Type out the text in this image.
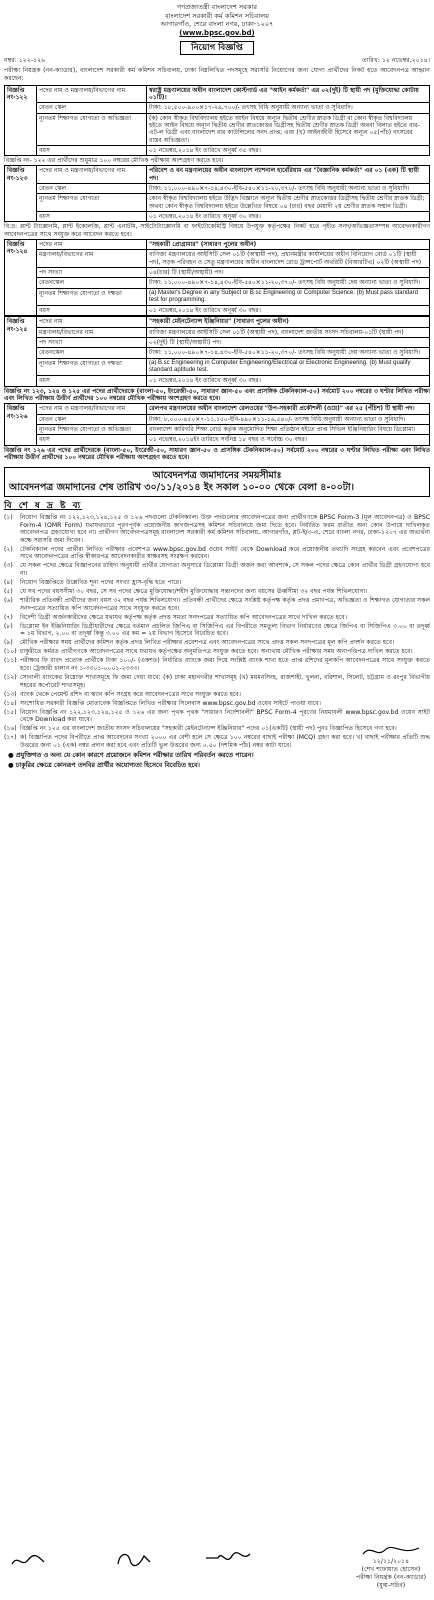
গণপ্রজাতন্ত্রী বাংলাদেশ সরকার
বাংলাদেশ সরকারী কর্ম কমিশন সচিবালয়
আগারগাঁও, শেরে বাংলা নগর, ঢাকা-১২০৭
(www.bpsc.gov.bd)
নিয়োগ বিজ্ঞপ্তি
নম্বর: ১২২-১২৬	তারিখ: ১২ নভেম্বর,২০১৪।
পরীক্ষা নিয়ন্ত্রক (নন-ক্যাডার), বাংলাদেশ সরকারী কর্ম কমিশন সচিবালয়, ঢাকা নিম্নলিখিত পদসমূহে সরাসরি নিয়োগের জন্য যোগ্য প্রার্থীদের নিকট হতে আবেদনপত্র আহ্বান করছেন:
বিজ্ঞপ্তি নং-১২২	পদের নাম ও মন্ত্রণালয়/বিভাগের নাম	স্বরাষ্ট্র মন্ত্রণালয়ের অধীন বাংলাদেশ কোস্টগার্ড এর "আইন কর্মকর্তা" এর ০২(দুই) টি স্থায়ী পদ (মুক্তিযোদ্ধা কোটায় ০১টি)।
	বেতন স্কেল	টাকা: ১৮,৫০০-৯০০×১৭-২৯,৭০০/- তৎসহ বিধি অনুযায়ী অন্যান্য ভাতা ও সুবিধাদি।
	ন্যূনতম শিক্ষাগত যোগ্যতা ও অভিজ্ঞতা	(ক) কোন স্বীকৃত বিশ্ববিদ্যালয় হইতে আইন বিষয়ে অন্যূন দ্বিতীয় শ্রেণীর স্নাতক ডিগ্রী বা কোন স্বীকৃত বিশ্ববিদ্যালয় হইতে আইন বিষয়ে অন্যূন দ্বিতীয় শ্রেণীর স্নাতকোত্তর ডিগ্রীসহ দ্বিতীয় শ্রেণীর স্নাতক ডিগ্রী অথবা বিলাত হইতে বার-এট-ল ডিগ্রী এবং বাংলাদেশ বার কাউন্সিলের সনদ প্রাপ্ত; এবং (খ) আইনজীবী হিসেবে অন্যূন ০৫(পাঁচ) বৎসরের বাস্তব অভিজ্ঞতা।
	বয়স	০১ নভেম্বর,২০১৪ ইং তারিখে অনূর্ধ্ব ৩৫ বছর।
বিজ্ঞপ্তি নং- ১২২ এর প্রার্থীদের শুধুমাত্র ১০০ নম্বরের মৌখিক পরীক্ষায় অংশগ্রহণ করতে হবে।
বিজ্ঞপ্তি নং-১২৩	পদের নাম ও মন্ত্রণালয়/বিভাগের নাম	পরিবেশ ও বন মন্ত্রণালয়ের অধীন বাংলাদেশ ন্যাশনাল হার্বেরিয়াম এর "বৈজ্ঞানিক কর্মকর্তা" এর ০১ (এক) টি স্থায়ী পদ।
	বেতন স্কেল	টাকা: ১১,০০০-৪৯০×৭-১৪,৪৩০-ইবি-৫৪০×১১-২০,৩৭০/- তৎসহ বিধি অনুযায়ী অন্যান্য ভাতা ও সুবিধাদি।
	ন্যূনতম শিক্ষাগত যোগ্যতা	কোন স্বীকৃত বিশ্ববিদ্যালয় হইতে উদ্ভিদ বিজ্ঞানে অন্যূন দ্বিতীয় শ্রেণীর স্নাতকোত্তর ডিগ্রীসহ দ্বিতীয় শ্রেণীর স্নাতক ডিগ্রী; অথবা কোন স্বীকৃত বিশ্ববিদ্যালয় হইতে উল্লেখিত বিষয়ে ০৪ (চার) বছর মেয়াদী ২য় শ্রেণীর স্নাতক সম্মান ডিগ্রী।
	বয়স	০১ নভেম্বর,২০১৪ ইং তারিখে অনূর্ধ্ব ৩০ বছর।
বি:দ্র: প্লান্ট ট্যাক্সোনমি, প্লান্ট ইকোলজি, প্লান্ট এনাটমি, সাইটোট্যাক্সোনমি বা ফাইটোকেমিস্ট্রি বিষয়ে উপযুক্ত কর্তৃপক্ষের নিকট হতে গৃহীত সনদ/অভিজ্ঞতাসম্পন্ন আবেদনকারীগণ আবেদনপত্রের সাথে সংযুক্ত করে আবেদন করতে হবে।
বিজ্ঞপ্তি নং-১২৪	পদের নাম	"সহকারী প্রোগ্রামার" (সাধারণ পুলের অধীন)
	মন্ত্রণালয়/বিভাগের নাম	বাণিজ্য মন্ত্রণালয়ের আইসিটি সেল ০১টি (অস্থায়ী পদ), প্রধানমন্ত্রীর কার্যালয়ের অধীন বিনিয়োগ বোর্ড ০১টি (স্থায়ী পদ), সড়ক পরিবহন ও সেতু মন্ত্রণালয়ের অধীন বাংলাদেশ রোড ট্রান্সপোর্ট অথরিটি (বিআরটিএ) ০২টি (অস্থায়ী পদ)
	পদ সংখ্যা	০৪(চার) টি (স্থায়ী/অস্থায়ী) পদ।
	বেতনস্কেল	টাকা: ১১,০০০-৪৯০×৭-১৪,৪৩০-ইবি-৫৪০×১১-২০,৩৭০/- তৎসহ বিধি অনুযায়ী দেয় অন্যান্য ভাতা ও সুবিধাদি।
	ন্যূনতম শিক্ষাগত যোগ্যতা ও দক্ষতা	(a) Master's Degree in any Subject or B.sc Engineering or Computer Science. (b) Must pass standard test for programming.
	বয়স	০১ নভেম্বর,২০১৪ ইং তারিখে অনূর্ধ্ব ৩০ বছর।
বিজ্ঞপ্তি নং-১২৫	পদের নাম	"সহকারী মেইনটেন্যান্স ইঞ্জিনিয়ার" (সাধারণ পুলের অধীন)
	মন্ত্রণালয়/বিভাগের নাম	বাণিজ্য মন্ত্রণালয়ের আইসিটি সেল ০১টি (অস্থায়ী পদ), বাংলাদেশ জাতীয় সংসদ সচিবালয়-০১টি (স্থায়ী পদ)
	পদ সংখ্যা	০২(দুই) টি (স্থায়ী/অস্থায়ী) পদ।
	বেতনস্কেল	টাকা: ১১,০০০-৪৯০×৭-১৪,৪৩০-ইবি-৫৪০×১১-২০,৩৭০/- তৎসহ বিধি অনুযায়ী দেয় অন্যান্য ভাতা ও সুবিধাদি।
	ন্যূনতম শিক্ষাগত যোগ্যতা ও দক্ষতা	(a) B.sc Engineering in Computer Engineering/Electrical or Electronic Engineering. (b) Must qualify standard aptitude test.
	বয়স	০১ নভেম্বর,২০১৪ ইং তারিখে অনূর্ধ্ব ৩০ বছর।
বিজ্ঞপ্তি নং ১২৩, ১২৪ ও ১২৫ এর পদের প্রার্থীদেরকে (বাংলা-৫০, ইংরেজী-৫০, সাধারণ জ্ঞান-৫০ এবং প্রাসঙ্গিক টেকনিক্যাল-৫০) সর্বমোট ২০০ নম্বরের ৩ ঘণ্টার লিখিত পরীক্ষা এবং লিখিত পরীক্ষায় উত্তীর্ণ প্রার্থীদের ১০০ নম্বরের মৌখিক পরীক্ষায় অংশগ্রহণ করতে হবে।
বিজ্ঞপ্তি নং-১২৬	পদের নাম ও মন্ত্রণালয়/বিভাগের নাম	রেলপথ মন্ত্রণালয়ের অধীন বাংলাদেশ রেলওয়ের "উপ-সহকারী প্রকৌশলী (ওয়ে)" এর ২৫ (পঁচিশ) টি স্থায়ী পদ।
	বেতন স্কেল	টাকা: ৮,০০০-৪৫০×৭-১১,১৫০-ইবি-৪৯০×১১-১৬,৫৪০/- তৎসহ বিধি অনুযায়ী অন্যান্য ভাতা ও সুবিধাদি।
	ন্যূনতম শিক্ষাগত যোগ্যতা ও অভিজ্ঞতা	বাংলাদেশ কারিগরি শিক্ষা বোর্ড কর্তৃক অনুমোদিত শিক্ষা প্রতিষ্ঠান হইতে প্রাপ্ত সিভিল ইঞ্জিনিয়ারিং বিষয়ে ডিপ্লোমা।
	বয়স	০১ নভেম্বর,২০১৪ইং তারিখে সর্বনিম্ন ১৮ বছর ও সর্বোচ্চ ৩০ বছর।
বিজ্ঞপ্তি নং ১২৬ এর পদের প্রার্থীদেরকে (বাংলা-৫০, ইংরেজী-৫০, সাধারণ জ্ঞান-৫০ ও প্রাসঙ্গিক টেকনিক্যাল-৫০) সর্বমোট ২০০ নম্বরের ৩ ঘণ্টার লিখিত পরীক্ষা এবং লিখিত পরীক্ষায় উত্তীর্ণ প্রার্থীদের ১০০ নম্বরের মৌখিক পরীক্ষায় অংশগ্রহণ করতে হবে।
আবেদনপত্র জমাদানের সময়সীমাঃ
আবেদনপত্র জমাদানের শেষ তারিখ ৩০/১১/২০১৪ ইং সকাল ১০-০০ থেকে বেলা ৪-০০টা।
বি শে ষ দ্র ষ্ট ব্য
(১)	নিয়োগ বিজ্ঞপ্তি নং ১২২,১২৩,১২৪,১২৫ ও ১২৬ পদগুলো টেকনিক্যাল। উক্ত পদগুলোর আবেদনপত্রের জন্য প্রার্থীগণকে BPSC Form-3 (মূল আবেদনপত্র) ও BPSC Form-4 (OMR Form) যথাযথভাবে পূরণপূর্বক প্রয়োজনীয় কাগজপত্রসহ কমিশন সচিবালয়ে জমা দিতে হবে। নির্ধারিত ফরম ব্যতীত অন্য কোন উপায়ে দাখিলকৃত আবেদনপত্র গ্রহণযোগ্য হবে না। প্রার্থীগণ আবেদনপত্রসমূহ বাংলাদেশ সরকারী কর্ম কমিশন সচিবালয়, আগারগাঁও, প্লট-ই/৩-এ, শেরে বাংলা নগর, ঢাকা-১২০৭ এর অভ্যর্থনা কক্ষে সরাসরি জমা দিবেন।
(২)	টেকনিক্যাল পদের প্রার্থীরা লিখিত পরীক্ষার প্রবেশপত্র www.bpsc.gov.bd ওয়েব সাইট থেকে Download করে প্রয়োজনীয় তথ্যাদি সংগ্রহ করবেন এবং প্রবেশপত্রের সাথে আবেদনপত্রের প্রাপ্তি স্বীকারপত্র আবেদনকারীর স্বাক্ষরসহ সংরক্ষণ করবেন।
(৩)	যে সকল পদের ক্ষেত্রে বিজ্ঞাপনের চাহিদা অনুযায়ী প্রার্থীর যোগ্যতা অনুসারে ডিপ্লোমা ডিগ্রী অর্জন করা আবশ্যক, সে সকল পদের ক্ষেত্রে কোন প্রার্থীর ডিগ্রী গ্রহণযোগ্য হবে না।
(৪)	নিয়োগ বিজ্ঞপ্তিতে উল্লেখিত শূন্য পদের সংখ্যা হ্রাস-বৃদ্ধি হতে পারে।
(৫)	যে সব পদের বয়সসীমা ৩০ বছর, সে সব পদের ক্ষেত্রে মুক্তিযোদ্ধা/শহীদ মুক্তিযোদ্ধার সন্তানদের জন্য বয়সের ঊর্ধ্বসীমা ৩২ বছর পর্যন্ত শিথিলযোগ্য।
(৬)	শারীরিক প্রতিবন্ধী প্রার্থীদের জন্য বয়স ৩২ বছর পর্যন্ত শিথিলযোগ্য। প্রতিবন্ধী প্রার্থীদের ক্ষেত্রে সংশ্লিষ্ট কর্তৃপক্ষ কর্তৃক প্রদত্ত প্রমাণপত্র, অভিজ্ঞতা ও শিক্ষাগত যোগ্যতার সকল সনদপত্রের সত্যায়িত কপি আবেদনপত্রের সাথে সংযুক্ত করতে হবে।
(৭)	বিদেশী ডিগ্রী অর্জনকারীদের ক্ষেত্রে যথাযথ কর্তৃপক্ষ কর্তৃক প্রদত্ত সমতা সনদপত্রের সত্যায়িত কপি আবেদনপত্রের সাথে দাখিল করতে হবে।
(৮)	ডিপ্লোমা ইন ইঞ্জিনিয়ারিং ডিগ্রীধারীদের ক্ষেত্রে বর্তমান প্রচলিত জিপিএ বা সিজিপিএ এর বিপরীতে সমতুল্য বিভাগ নির্ধারণের ক্ষেত্রে জিপিএ বা সিজিপিএ ৩.০০ বা তদূর্ধ্ব = ১ম বিভাগ, ২.০০ বা তদূর্ধ্ব কিন্তু ৩.০০ এর কম = ২য় বিভাগ হিসেবে বিবেচিত হবে।
(৯)	মৌখিক পরীক্ষার সময় প্রার্থীদের কমিশন কর্তৃক প্রদত্ত লিখিত পরীক্ষার প্রবেশপত্র এবং আবেদনপত্রের সাথে প্রদত্ত সকল সনদপত্রের মূল কপি প্রদর্শন করতে হবে।
(১০) চাকুরীতে কর্মরত প্রার্থীগণকে আবেদনপত্রের সাথে যথাযথ কর্তৃপক্ষের অনুমতিপত্র সংযুক্ত করতে হবে। অন্যথায় মৌখিক পরীক্ষার সময় অনাপত্তিপত্র দাখিল করতে হবে।
(১১) পরীক্ষার ফি বাবদ প্রত্যেক প্রার্থীকে টাকা ১০০/- (একশত) নির্ধারিত ব্যাংকে জমা দিয়ে সংশ্লিষ্ট ব্যাংক শাখা হতে প্রাপ্ত রশিদের মূলকপি আবেদনপত্রের সাথে সংযুক্ত করতে হবে। ট্রেজারী চালান নং ১-৩৩০১-০০০১-২৩৩৩।
(১২) সোনালী ব্যাংকের নিম্নোক্ত শাখাসমূহে ফি জমা দেয়া যাবে: (ক) ঢাকা মহানগরীর শাখাসমূহ (খ) ময়মনসিংহ, রাজশাহী, খুলনা, বরিশাল, সিলেট, চট্টগ্রাম ও রংপুর বিভাগীয় শহরের কর্পোরেট শাখাসমূহ।
(১৩) ব্যাংক থেকে পেমেন্ট রশিদ বা স্ক্যান কপি সংগ্রহ করে আবেদনপত্রের সাথে সংযুক্ত করতে হবে।
(১৪) সংশোধিত সরকারী বিজ্ঞপ্তি মোতাবেক বিজ্ঞপ্তিতে লিখিত পরীক্ষার সিলেবাস www.bpsc.gov.bd ওয়েব সাইটে পাওয়া যাবে।
(১৫) নিয়োগ বিজ্ঞপ্তি নং ১২২,১২৩,১২৪,১২৫ ও ১২৬ এর জন্য পৃথক পৃথক "সাধারণ নির্দেশাবলী" BPSC Form-4 পূরণের নিয়মাবলী www.bpsc.gov.bd ওয়েব সাইট থেকে Download করা যাবে।
(১৬) বিজ্ঞপ্তি নং ১২৫ এর বাংলাদেশ জাতীয় সংসদ সচিবালয়ের "সহকারী মেইনটেন্যান্স ইঞ্জিনিয়ার" পদের ০১(একটি) (স্থায়ী পদ) পুনঃ বিজ্ঞাপিত হিসেবে গণ্য হবে।
(১৭) ক) বিজ্ঞাপিত পদের বিপরীতে প্রাপ্ত আবেদনের সংখ্যা ২০০০ এর বেশী হলে সে ক্ষেত্রে ১০০ নম্বরের বাছাই পরীক্ষা (MCQ) গ্রহণ করা হবে। খ) বাছাই পরীক্ষার প্রতিটি শুদ্ধ উত্তরের জন্য ০১ (এক) নম্বর প্রদান করা হবে এবং প্রতিটি ভুল উত্তরের জন্য ০.৫০ (দশমিক পাঁচ) নম্বর কাটা যাবে।
● প্রযুক্তিগত ও অন্য যে কোন কারণে প্রয়োজনে কমিশন পরীক্ষার তারিখ পরিবর্তন করতে পারেন।
● চাকুরির ক্ষেত্রে কোনরূপ তদবির প্রার্থীর অযোগ্যতা হিসেবে বিবেচিত হবে।
১২/১১/২০১৪
(শেখ শাফায়াত হোসেন)
পরীক্ষা নিয়ন্ত্রক (নন-ক্যাডার)
(যুগ্ম-সচিব)
